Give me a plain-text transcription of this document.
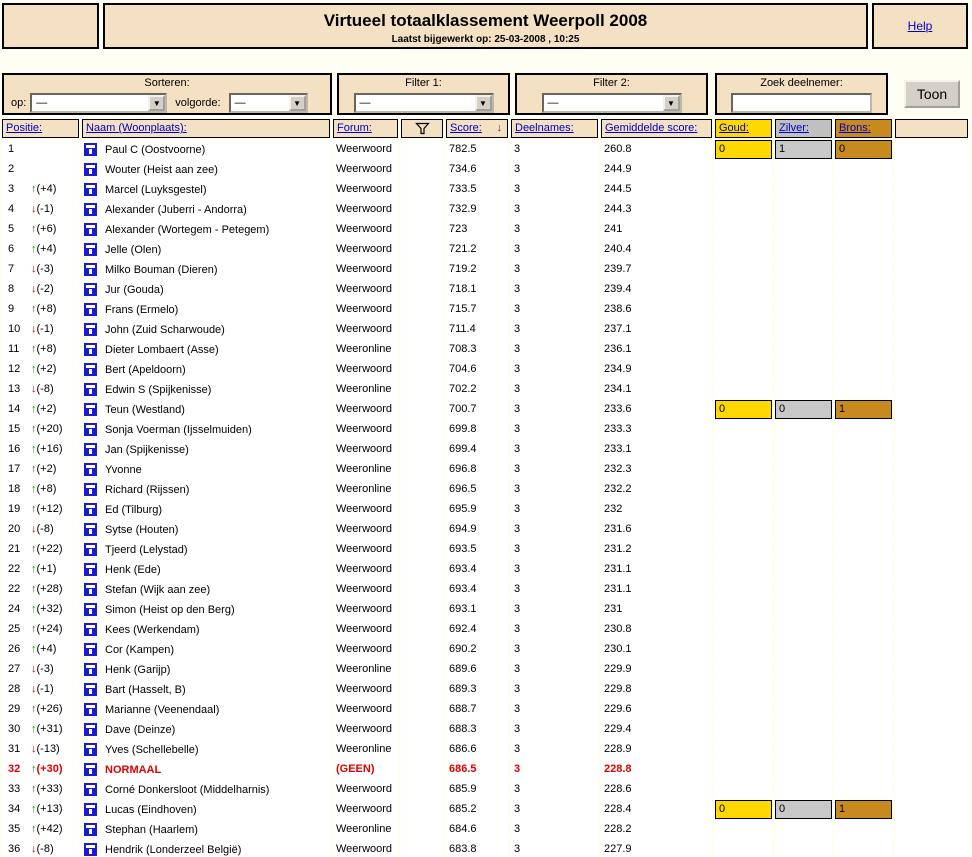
Virtueel totaalklassement Weerpoll 2008
Laatst bijgewerkt op: 25-03-2008 , 10:25
Help
Sorteren:
op: —	▼	volgorde:	—	▼
Filter 1:
—	▼
Filter 2:
—	▼
Zoek deelnemer:
Toon
Positie:	Naam (Woonplaats):	Forum:	Score: ↓	Deelnames:	Gemiddelde score:	Goud:	Zilver:	Brons:
1	Paul C (Oostvoorne)	Weerwoord	782.5	3	260.8	0	1	0
2	Wouter (Heist aan zee)	Weerwoord	734.6	3	244.9
3	↑ (+4)	Marcel (Luyksgestel)	Weerwoord	733.5	3	244.5
4	↓ (-1)	Alexander (Juberri - Andorra)	Weerwoord	732.9	3	244.3
5	↑ (+6)	Alexander (Wortegem - Petegem)	Weerwoord	723	3	241
6	↑ (+4)	Jelle (Olen)	Weerwoord	721.2	3	240.4
7	↓ (-3)	Milko Bouman (Dieren)	Weerwoord	719.2	3	239.7
8	↓ (-2)	Jur (Gouda)	Weerwoord	718.1	3	239.4
9	↑ (+8)	Frans (Ermelo)	Weerwoord	715.7	3	238.6
10 ↓ (-1)	John (Zuid Scharwoude)	Weerwoord	711.4	3	237.1
11	↑ (+8)	Dieter Lombaert (Asse)	Weeronline	708.3	3	236.1
12 ↑ (+2)	Bert (Apeldoorn)	Weerwoord	704.6	3	234.9
13 ↓ (-8)	Edwin S (Spijkenisse)	Weeronline	702.2	3	234.1
14 ↑ (+2)	Teun (Westland)	Weerwoord	700.7	3	233.6	0	0	1
15 ↑ (+20)	Sonja Voerman (Ijsselmuiden)	Weerwoord	699.8	3	233.3
16 ↑ (+16)	Jan (Spijkenisse)	Weerwoord	699.4	3	233.1
17 ↑ (+2)	Yvonne	Weeronline	696.8	3	232.3
18 ↑ (+8)	Richard (Rijssen)	Weeronline	696.5	3	232.2
19 ↑ (+12)	Ed (Tilburg)	Weerwoord	695.9	3	232
20 ↓ (-8)	Sytse (Houten)	Weerwoord	694.9	3	231.6
21 ↑ (+22)	Tjeerd (Lelystad)	Weerwoord	693.5	3	231.2
22 ↑ (+1)	Henk (Ede)	Weerwoord	693.4	3	231.1
22 ↑ (+28)	Stefan (Wijk aan zee)	Weerwoord	693.4	3	231.1
24 ↑ (+32)	Simon (Heist op den Berg)	Weerwoord	693.1	3	231
25 ↑ (+24)	Kees (Werkendam)	Weerwoord	692.4	3	230.8
26 ↑ (+4)	Cor (Kampen)	Weerwoord	690.2	3	230.1
27 ↓ (-3)	Henk (Garijp)	Weeronline	689.6	3	229.9
28 ↓ (-1)	Bart (Hasselt, B)	Weerwoord	689.3	3	229.8
29 ↑ (+26)	Marianne (Veenendaal)	Weerwoord	688.7	3	229.6
30 ↑ (+31)	Dave (Deinze)	Weerwoord	688.3	3	229.4
31 ↓ (-13)	Yves (Schellebelle)	Weeronline	686.6	3	228.9
32 ↑ (+30)	NORMAAL	(GEEN)	686.5	3	228.8
33 ↑ (+33)	Corné Donkersloot (Middelharnis)	Weerwoord	685.9	3	228.6
34 ↑ (+13)	Lucas (Eindhoven)	Weerwoord	685.2	3	228.4	0	0	1
35 ↑ (+42)	Stephan (Haarlem)	Weeronline	684.6	3	228.2
36 ↓ (-8)	Hendrik (Londerzeel België)	Weerwoord	683.8	3	227.9
